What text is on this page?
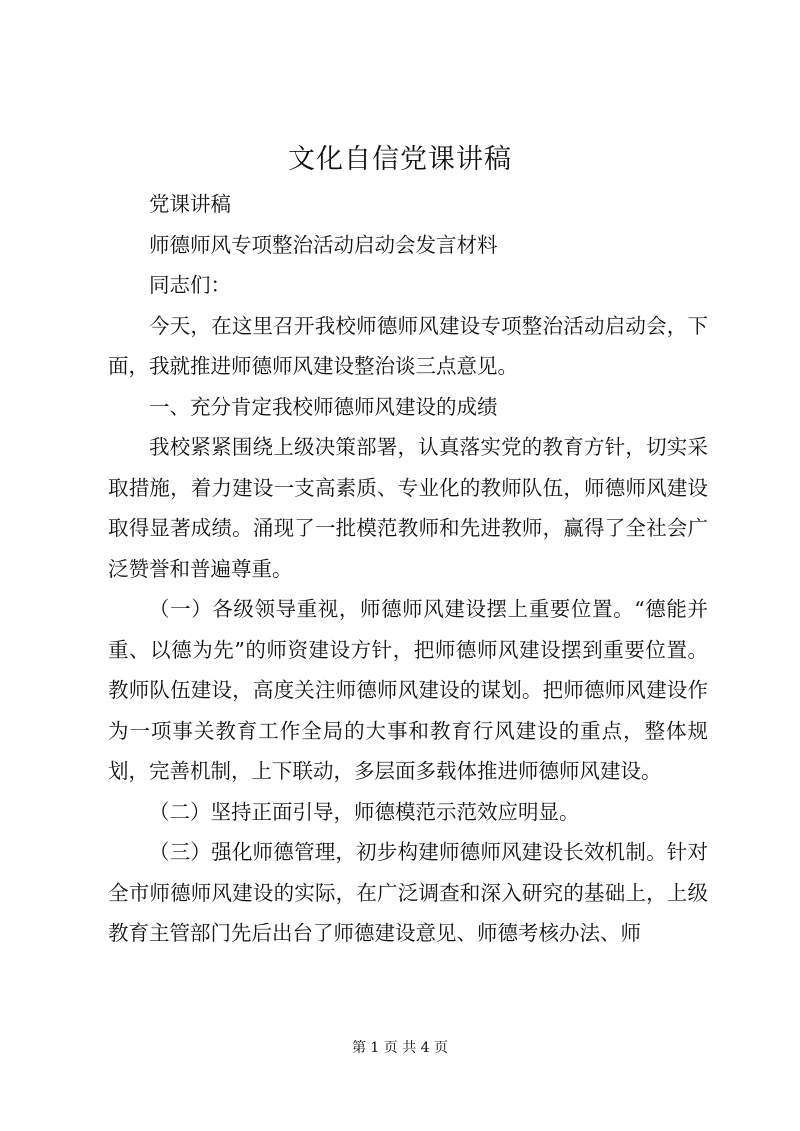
文化自信党课讲稿

党课讲稿

师德师风专项整治活动启动会发言材料

同志们：

今天，在这里召开我校师德师风建设专项整治活动启动会，下面，我就推进师德师风建设整治谈三点意见。

一、充分肯定我校师德师风建设的成绩

我校紧紧围绕上级决策部署，认真落实党的教育方针，切实采取措施，着力建设一支高素质、专业化的教师队伍，师德师风建设取得显著成绩。涌现了一批模范教师和先进教师，赢得了全社会广泛赞誉和普遍尊重。

（一）各级领导重视，师德师风建设摆上重要位置。“德能并重、以德为先”的师资建设方针，把师德师风建设摆到重要位置。教师队伍建设，高度关注师德师风建设的谋划。把师德师风建设作为一项事关教育工作全局的大事和教育行风建设的重点，整体规划，完善机制，上下联动，多层面多载体推进师德师风建设。

（二）坚持正面引导，师德模范示范效应明显。

（三）强化师德管理，初步构建师德师风建设长效机制。针对全市师德师风建设的实际，在广泛调查和深入研究的基础上，上级教育主管部门先后出台了师德建设意见、师德考核办法、师

第 1 页 共 4 页
